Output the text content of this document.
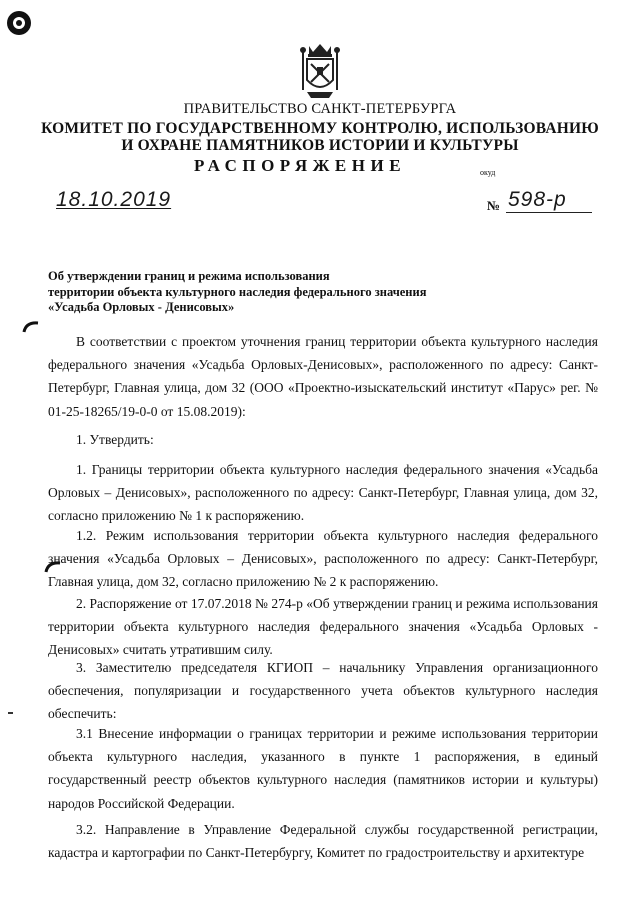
ПРАВИТЕЛЬСТВО САНКТ-ПЕТЕРБУРГА
КОМИТЕТ ПО ГОСУДАРСТВЕННОМУ КОНТРОЛЮ, ИСПОЛЬЗОВАНИЮ
И ОХРАНЕ ПАМЯТНИКОВ ИСТОРИИ И КУЛЬТУРЫ
РАСПОРЯЖЕНИЕ	окуд
18.10.2019	№ 598-р
Об утверждении границ и режима использования
территории объекта культурного наследия федерального значения
«Усадьба Орловых - Денисовых»

В соответствии с проектом уточнения границ территории объекта культурного наследия федерального значения «Усадьба Орловых-Денисовых», расположенного по адресу: Санкт-Петербург, Главная улица, дом 32 (ООО «Проектно-изыскательский институт «Парус» рег. № 01-25-18265/19-0-0 от 15.08.2019):

1. Утвердить:

1. Границы территории объекта культурного наследия федерального значения «Усадьба Орловых – Денисовых», расположенного по адресу: Санкт-Петербург, Главная улица, дом 32, согласно приложению № 1 к распоряжению.

1.2. Режим использования территории объекта культурного наследия федерального значения «Усадьба Орловых – Денисовых», расположенного по адресу: Санкт-Петербург, Главная улица, дом 32, согласно приложению № 2 к распоряжению.

2. Распоряжение от 17.07.2018 № 274-р «Об утверждении границ и режима использования территории объекта культурного наследия федерального значения «Усадьба Орловых - Денисовых» считать утратившим силу.

3. Заместителю председателя КГИОП – начальнику Управления организационного обеспечения, популяризации и государственного учета объектов культурного наследия обеспечить:

3.1 Внесение информации о границах территории и режиме использования территории объекта культурного наследия, указанного в пункте 1 распоряжения, в единый государственный реестр объектов культурного наследия (памятников истории и культуры) народов Российской Федерации.

3.2. Направление в Управление Федеральной службы государственной регистрации, кадастра и картографии по Санкт-Петербургу, Комитет по градостроительству и архитектуре
